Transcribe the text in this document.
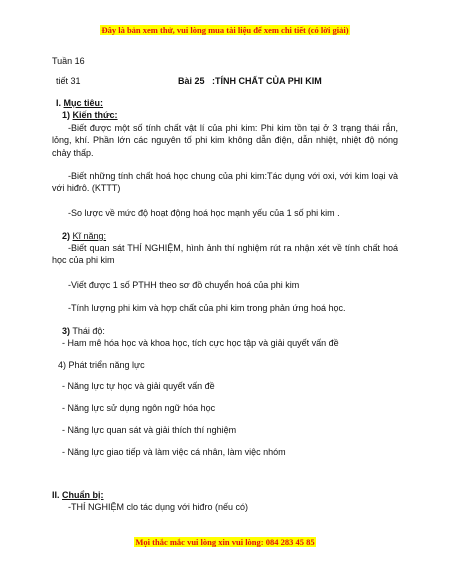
Đây là bản xem thử, vui lòng mua tài liệu để xem chi tiết (có lời giải)
Tuần 16
tiết 31	Bài 25 :TÍNH CHẤT CỦA PHI KIM
I. Mục tiêu:
1) Kiến thức:
-Biết được một số tính chất vật lí của phi kim: Phi kim tồn tại ở 3 trạng thái rắn, lỏng, khí. Phần lớn các nguyên tố phi kim không dẫn điện, dẫn nhiệt, nhiệt độ nóng chảy thấp.
-Biết những tính chất hoá học chung của phi kim:Tác dụng với oxi, với kim loại và với hiđrô. (KTTT)
-So lược về mức độ hoạt động hoá học mạnh yếu của 1 số phi kim .
2) Kĩ năng:
-Biết quan sát THÍ NGHIỆM, hình ảnh thí nghiệm rút ra nhận xét về tính chất hoá học của phi kim
-Viết được 1 số PTHH theo sơ đồ chuyển hoá của phi kim
-Tính lượng phi kim và hợp chất của phi kim trong phản ứng hoá học.
3) Thái độ:
- Ham mê hóa học và khoa học, tích cực học tập và giải quyết vấn đề
4) Phát triển năng lực
- Năng lực tự học và giải quyết vấn đề
- Năng lực sử dụng ngôn ngữ hóa học
- Năng lực quan sát và giải thích thí nghiệm
- Năng lực giao tiếp và làm việc cá nhân, làm việc nhóm
II. Chuẩn bị:
-THÍ NGHIỆM clo tác dụng với hiđro (nếu có)
Mọi thắc mắc vui lòng xin vui lòng: 084 283 45 85
